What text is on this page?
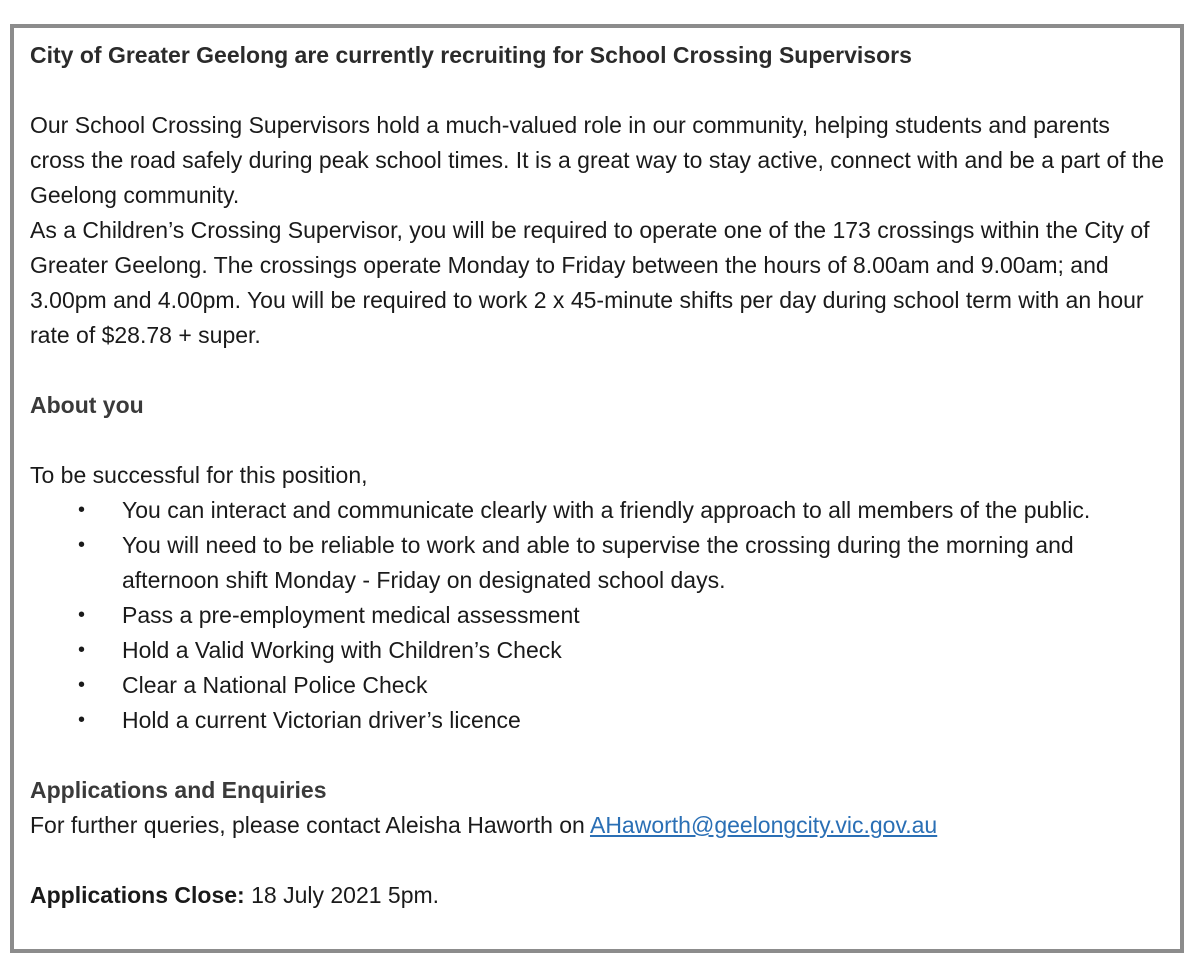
City of Greater Geelong are currently recruiting for School Crossing Supervisors

Our School Crossing Supervisors hold a much-valued role in our community, helping students and parents cross the road safely during peak school times. It is a great way to stay active, connect with and be a part of the Geelong community.

As a Children’s Crossing Supervisor, you will be required to operate one of the 173 crossings within the City of Greater Geelong. The crossings operate Monday to Friday between the hours of 8.00am and 9.00am; and 3.00pm and 4.00pm. You will be required to work 2 x 45-minute shifts per day during school term with an hour rate of $28.78 + super.

About you

To be successful for this position,

• You can interact and communicate clearly with a friendly approach to all members of the public.
• You will need to be reliable to work and able to supervise the crossing during the morning and afternoon shift Monday - Friday on designated school days.
• Pass a pre-employment medical assessment
• Hold a Valid Working with Children’s Check
• Clear a National Police Check
• Hold a current Victorian driver’s licence

Applications and Enquiries

For further queries, please contact Aleisha Haworth on AHaworth@geelongcity.vic.gov.au

Applications Close: 18 July 2021 5pm.
